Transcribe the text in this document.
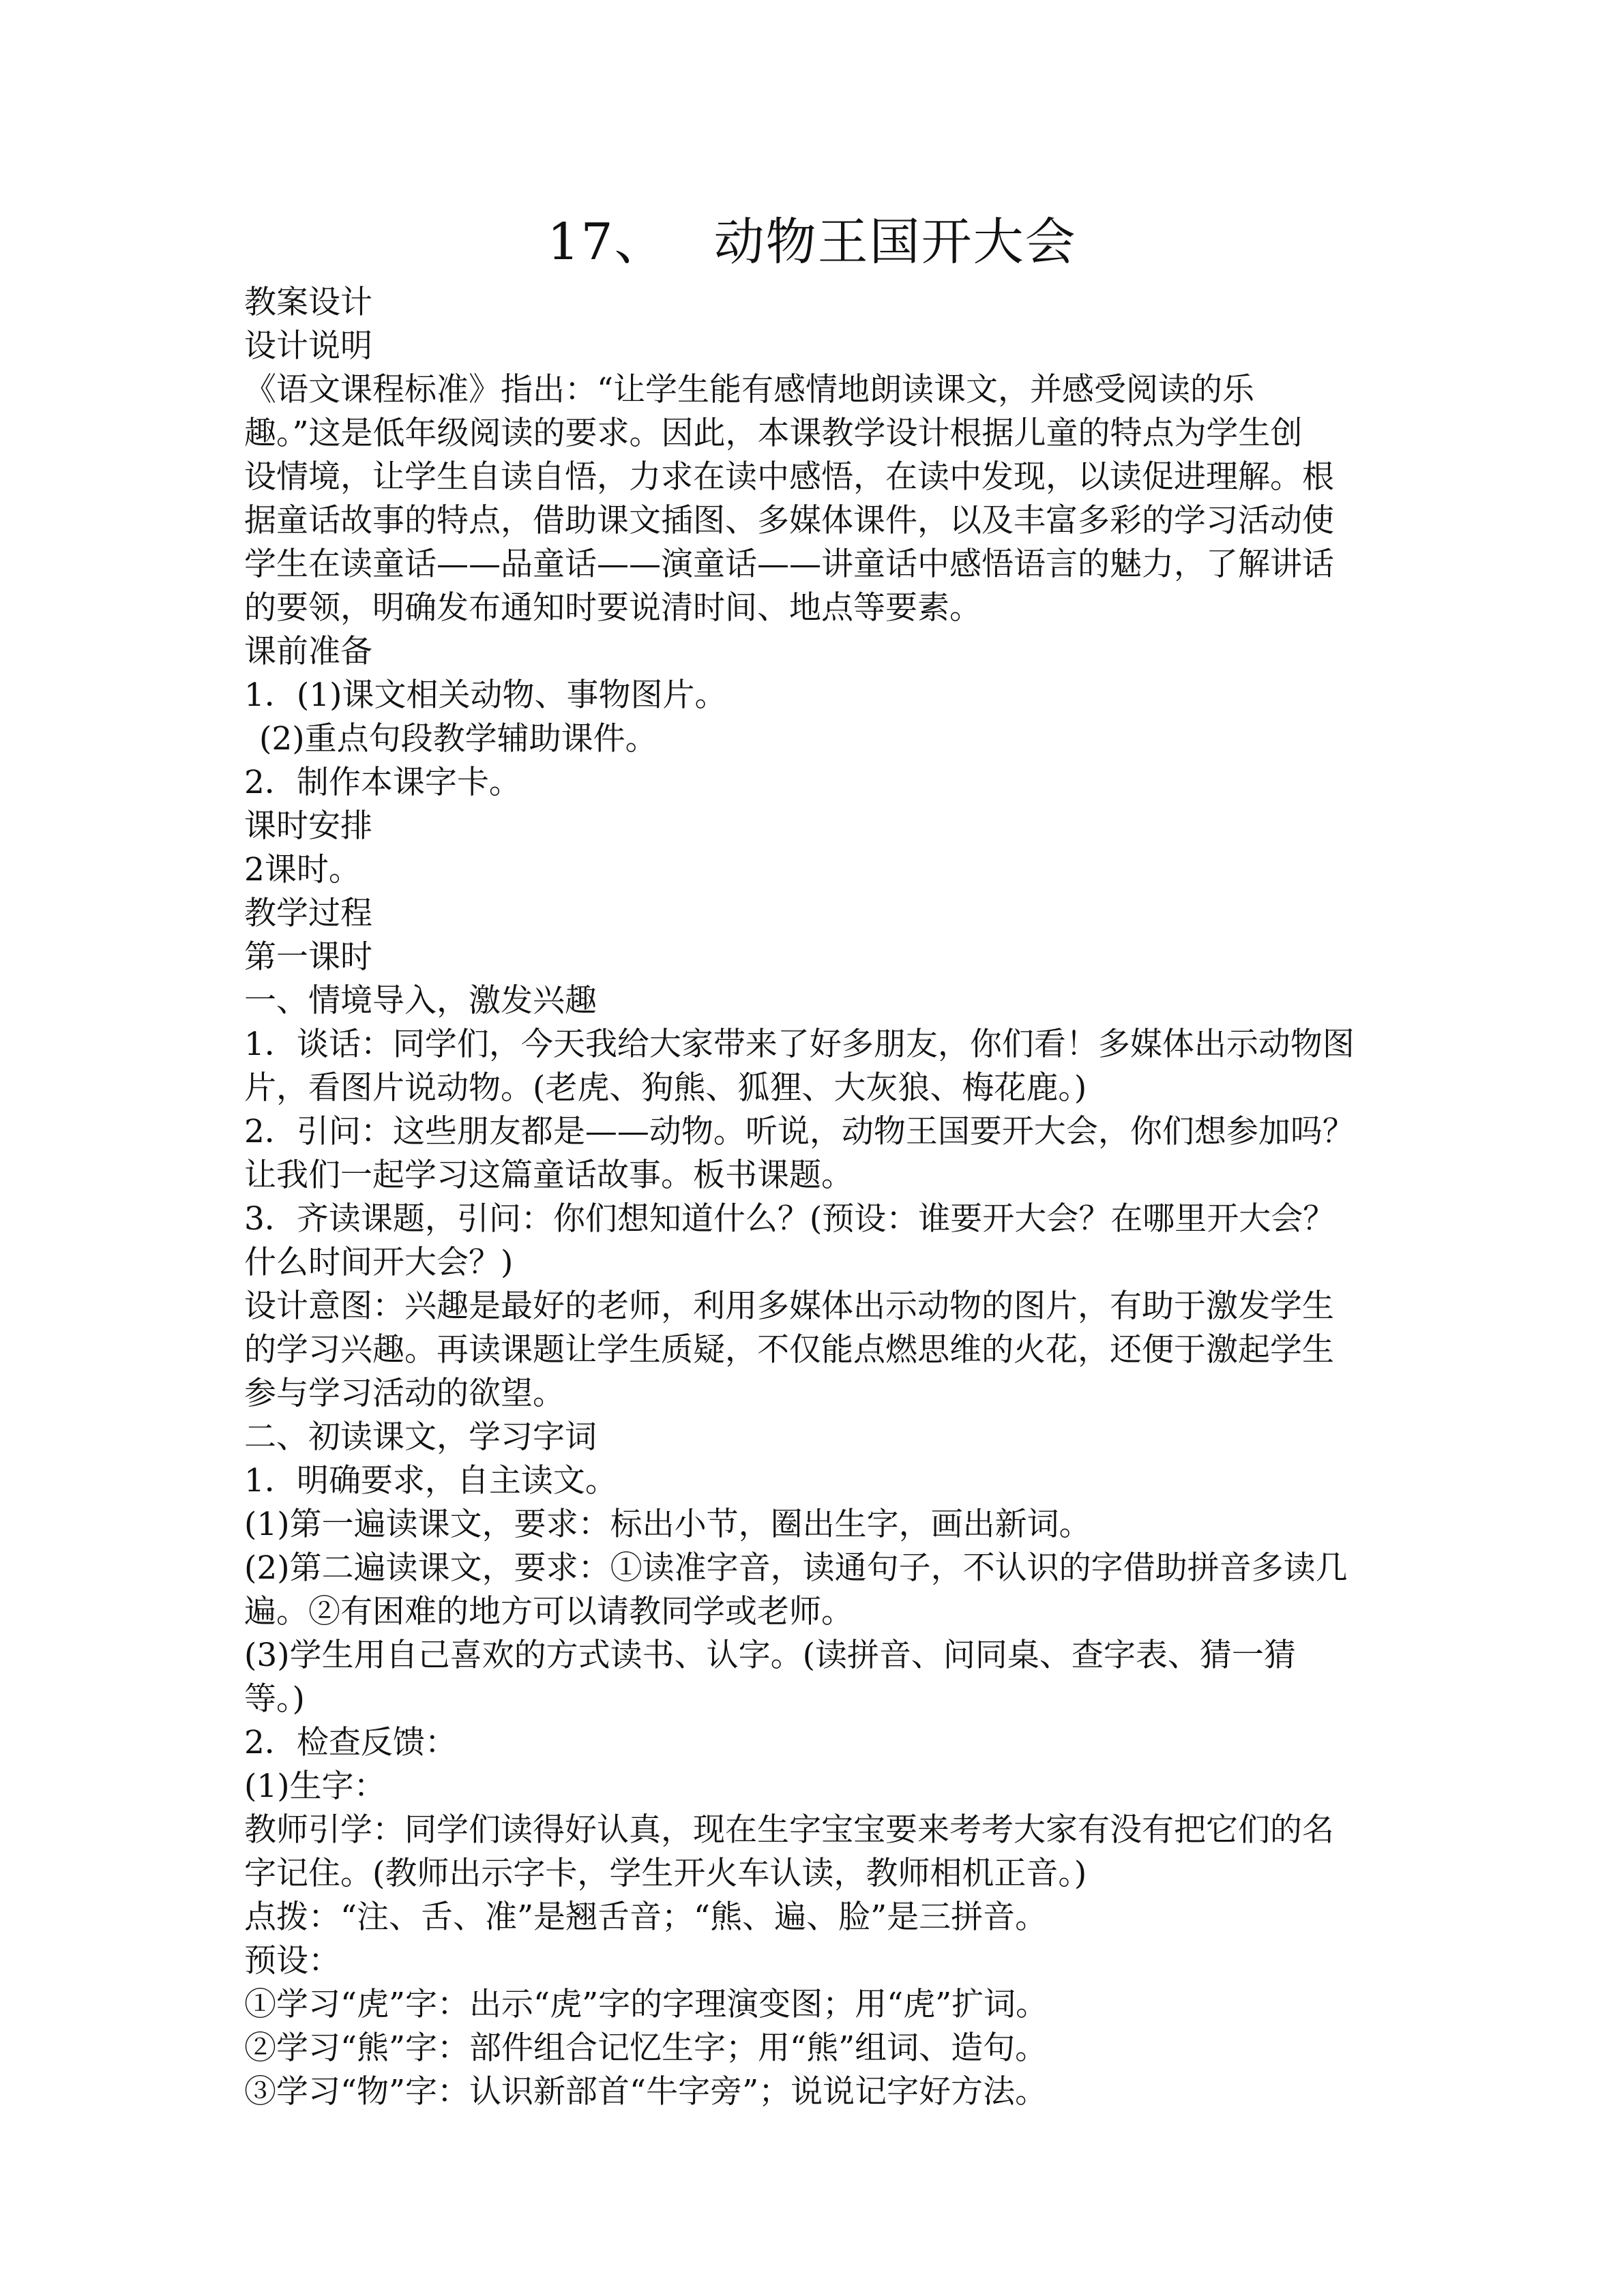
17、 动物王国开大会
教案设计
设计说明
《语文课程标准》指出：“让学生能有感情地朗读课文，并感受阅读的乐
趣。”这是低年级阅读的要求。因此，本课教学设计根据儿童的特点为学生创
设情境，让学生自读自悟，力求在读中感悟，在读中发现，以读促进理解。根
据童话故事的特点，借助课文插图、多媒体课件，以及丰富多彩的学习活动使
学生在读童话——品童话——演童话——讲童话中感悟语言的魅力，了解讲话
的要领，明确发布通知时要说清时间、地点等要素。
课前准备
1．(1)课文相关动物、事物图片。
(2)重点句段教学辅助课件。
2．制作本课字卡。
课时安排
2课时。
教学过程
第一课时
一、情境导入，激发兴趣
1．谈话：同学们，今天我给大家带来了好多朋友，你们看！多媒体出示动物图
片，看图片说动物。(老虎、狗熊、狐狸、大灰狼、梅花鹿。)
2．引问：这些朋友都是——动物。听说，动物王国要开大会，你们想参加吗？
让我们一起学习这篇童话故事。板书课题。
3．齐读课题，引问：你们想知道什么？(预设：谁要开大会？在哪里开大会？
什么时间开大会？)
设计意图：兴趣是最好的老师，利用多媒体出示动物的图片，有助于激发学生
的学习兴趣。再读课题让学生质疑，不仅能点燃思维的火花，还便于激起学生
参与学习活动的欲望。
二、初读课文，学习字词
1．明确要求，自主读文。
(1)第一遍读课文，要求：标出小节，圈出生字，画出新词。
(2)第二遍读课文，要求：①读准字音，读通句子，不认识的字借助拼音多读几
遍。②有困难的地方可以请教同学或老师。
(3)学生用自己喜欢的方式读书、认字。(读拼音、问同桌、查字表、猜一猜
等。)
2．检查反馈：
(1)生字：
教师引学：同学们读得好认真，现在生字宝宝要来考考大家有没有把它们的名
字记住。(教师出示字卡，学生开火车认读，教师相机正音。)
点拨：“注、舌、准”是翘舌音；“熊、遍、脸”是三拼音。
预设：
①学习“虎”字：出示“虎”字的字理演变图；用“虎”扩词。
②学习“熊”字：部件组合记忆生字；用“熊”组词、造句。
③学习“物”字：认识新部首“牛字旁”；说说记字好方法。
